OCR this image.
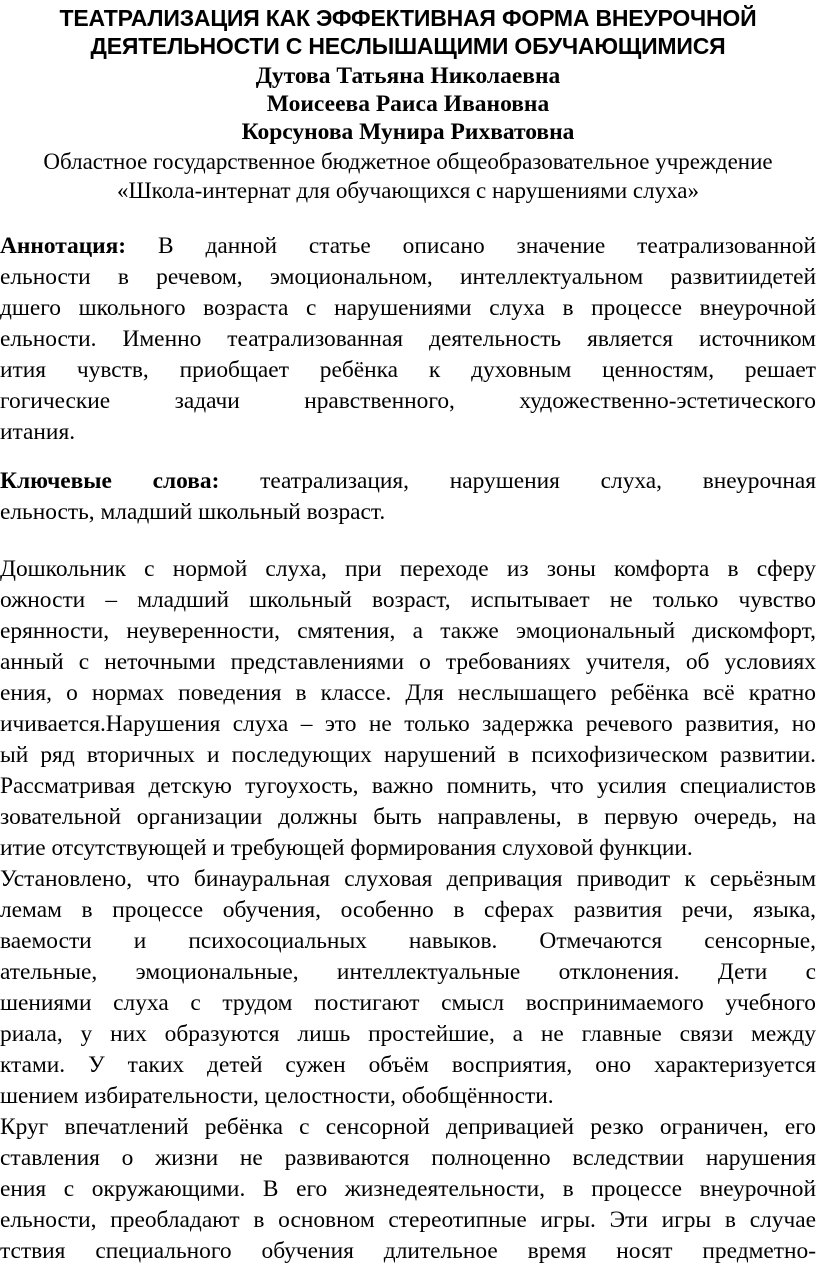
ТЕАТРАЛИЗАЦИЯ КАК ЭФФЕКТИВНАЯ ФОРМА ВНЕУРОЧНОЙ
ДЕЯТЕЛЬНОСТИ С НЕСЛЫШАЩИМИ ОБУЧАЮЩИМИСЯ
Дутова Татьяна Николаевна
Моисеева Раиса Ивановна
Корсунова Мунира Рихватовна
Областное государственное бюджетное общеобразовательное учреждение
«Школа-интернат для обучающихся с нарушениями слуха»
Аннотация: В данной статье описано значение театрализованной
ельности в речевом, эмоциональном, интеллектуальном развитиидетей
дшего школьного возраста с нарушениями слуха в процессе внеурочной
ельности. Именно театрализованная деятельность является источником
ития чувств, приобщает ребёнка к духовным ценностям, решает
гогические задачи нравственного, художественно-эстетического
итания.
Ключевые слова: театрализация, нарушения слуха, внеурочная
ельность, младший школьный возраст.
Дошкольник с нормой слуха, при переходе из зоны комфорта в сферу
ожности – младший школьный возраст, испытывает не только чувство
ерянности, неуверенности, смятения, а также эмоциональный дискомфорт,
анный с неточными представлениями о требованиях учителя, об условиях
ения, о нормах поведения в классе. Для неслышащего ребёнка всё кратно
ичивается.Нарушения слуха – это не только задержка речевого развития, но
ый ряд вторичных и последующих нарушений в психофизическом развитии.
Рассматривая детскую тугоухость, важно помнить, что усилия специалистов
зовательной организации должны быть направлены, в первую очередь, на
итие отсутствующей и требующей формирования слуховой функции.
Установлено, что бинауральная слуховая депривация приводит к серьёзным
лемам в процессе обучения, особенно в сферах развития речи, языка,
ваемости и психосоциальных навыков. Отмечаются сенсорные,
ательные, эмоциональные, интеллектуальные отклонения. Дети с
шениями слуха с трудом постигают смысл воспринимаемого учебного
риала, у них образуются лишь простейшие, а не главные связи между
ктами. У таких детей сужен объём восприятия, оно характеризуется
шением избирательности, целостности, обобщённости.
Круг впечатлений ребёнка с сенсорной депривацией резко ограничен, его
ставления о жизни не развиваются полноценно вследствии нарушения
ения с окружающими. В его жизнедеятельности, в процессе внеурочной
ельности, преобладают в основном стереотипные игры. Эти игры в случае
тствия специального обучения длительное время носят предметно-
